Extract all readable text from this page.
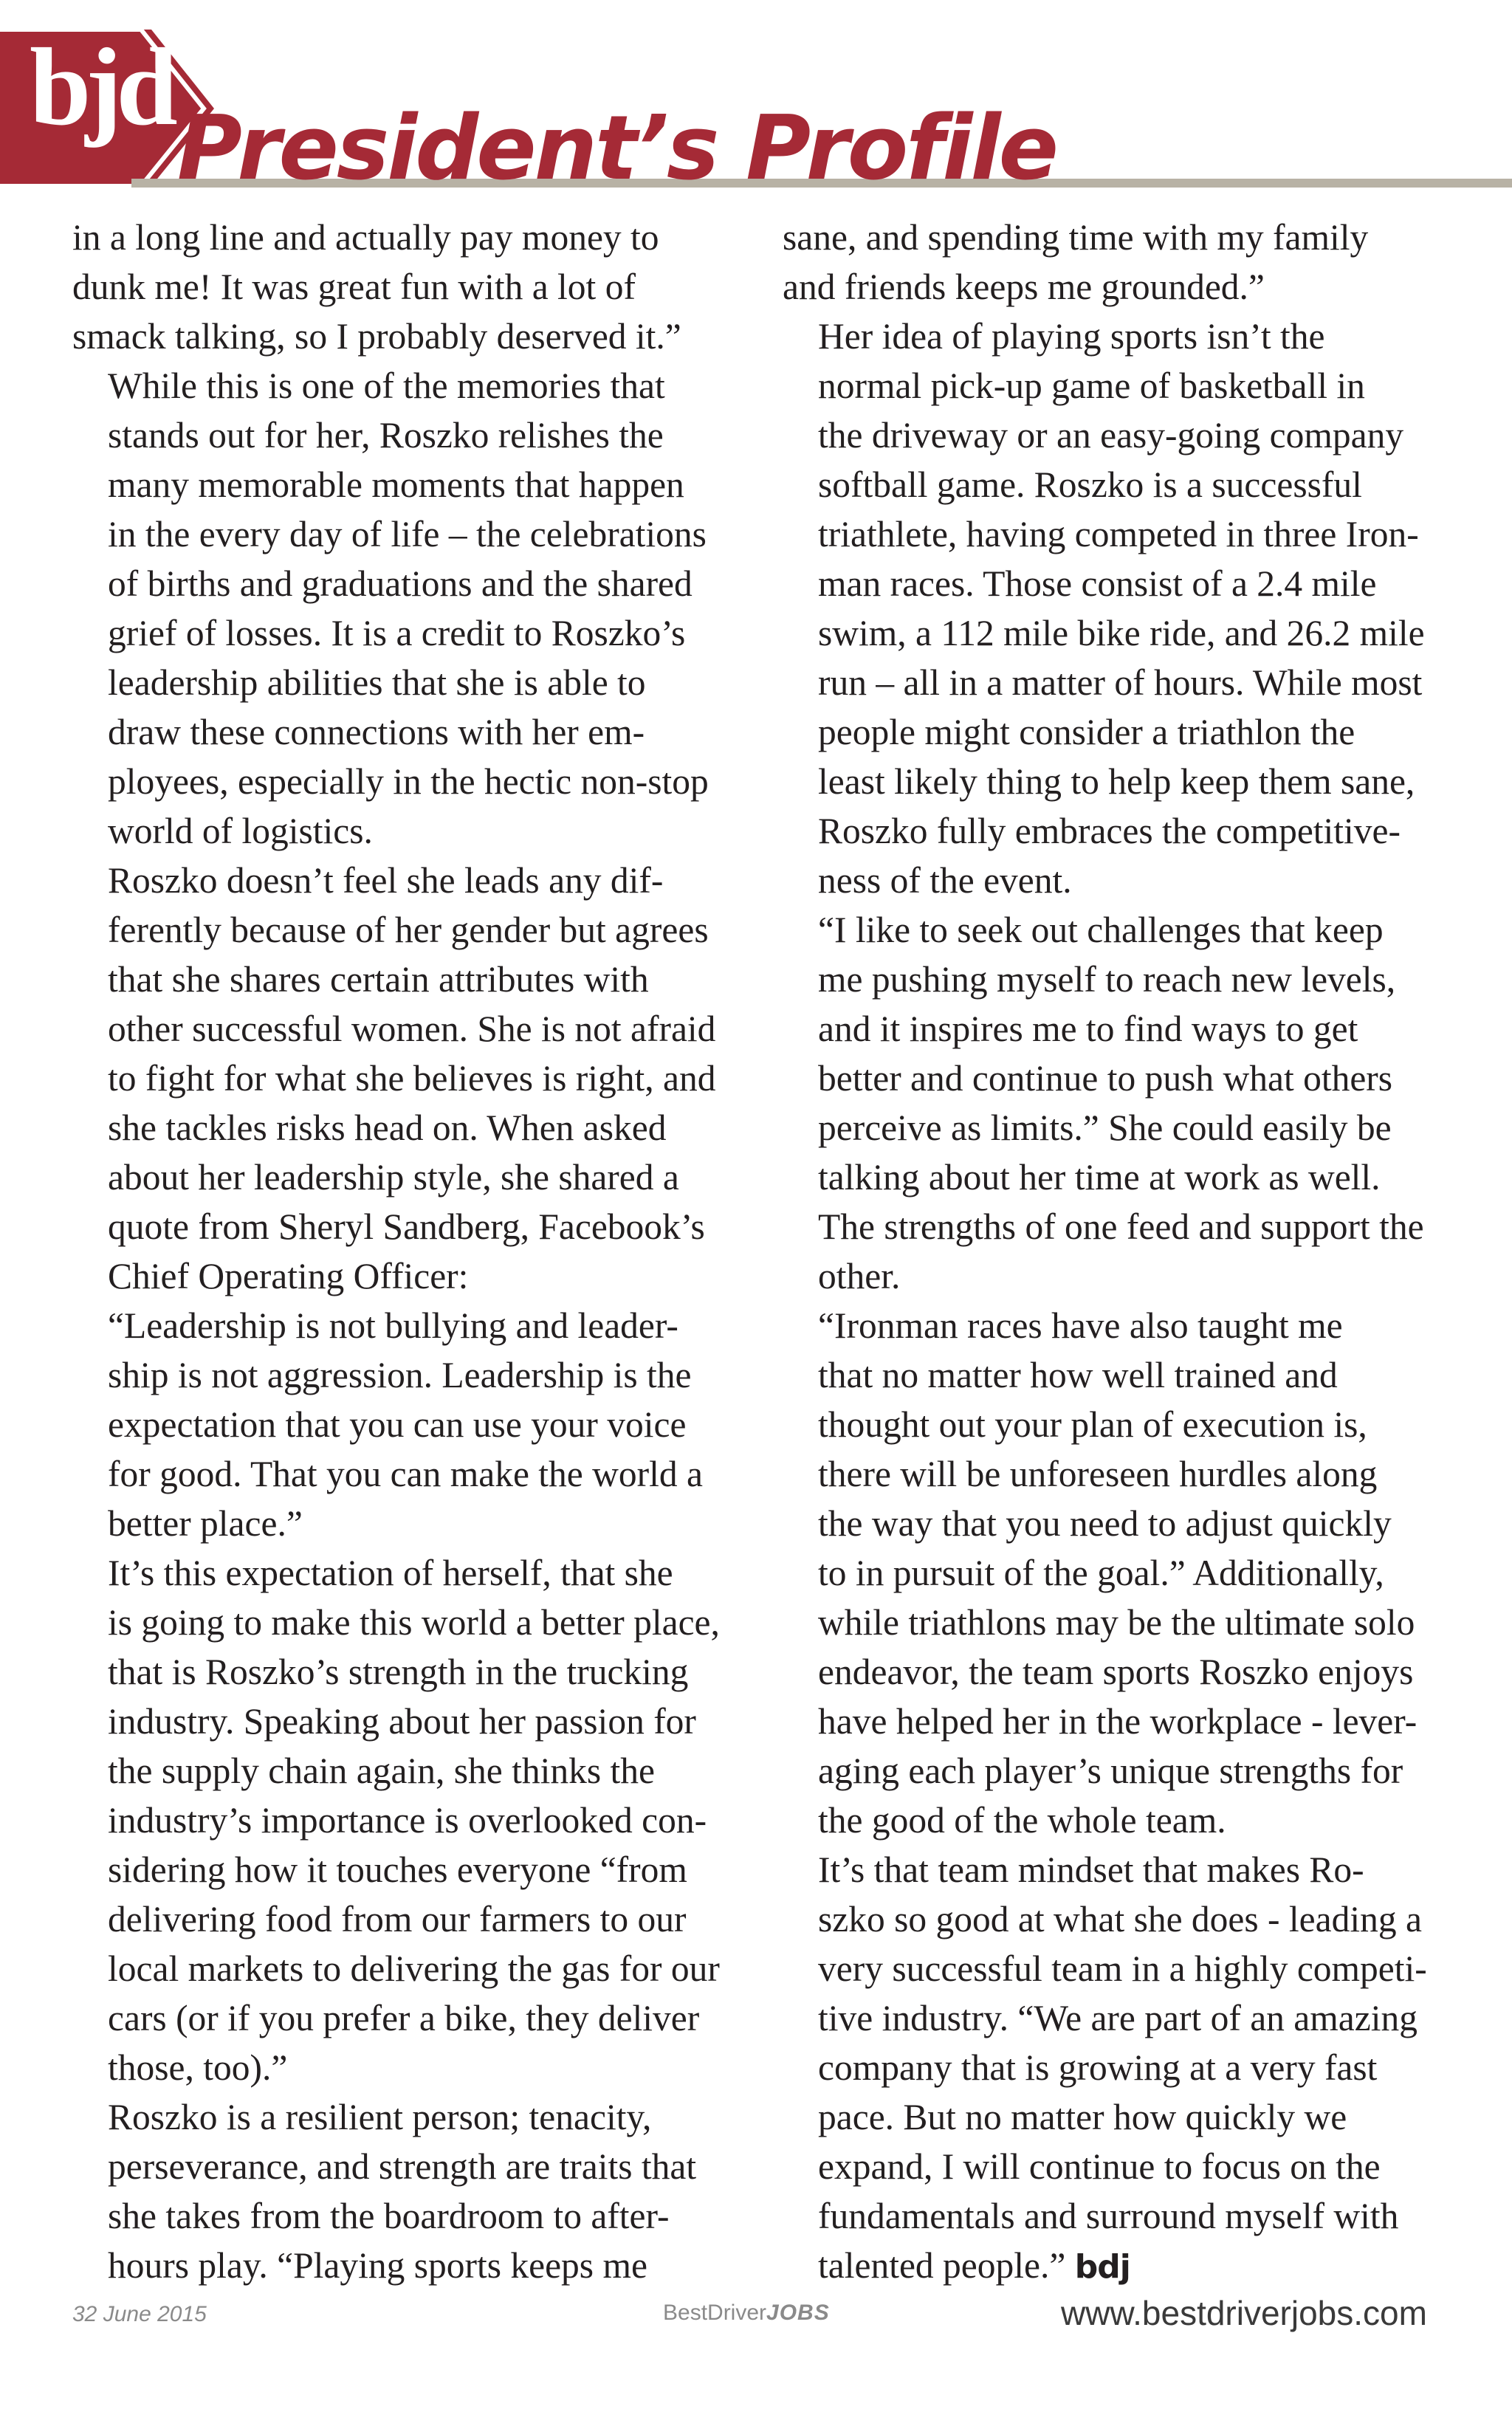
bjd
President’s Profile

in a long line and actually pay money to
dunk me! It was great fun with a lot of
smack talking, so I probably deserved it.”

While this is one of the memories that
stands out for her, Roszko relishes the
many memorable moments that happen
in the every day of life – the celebrations
of births and graduations and the shared
grief of losses. It is a credit to Roszko’s
leadership abilities that she is able to
draw these connections with her em-
ployees, especially in the hectic non-stop
world of logistics.

Roszko doesn’t feel she leads any dif-
ferently because of her gender but agrees
that she shares certain attributes with
other successful women. She is not afraid
to fight for what she believes is right, and
she tackles risks head on. When asked
about her leadership style, she shared a
quote from Sheryl Sandberg, Facebook’s
Chief Operating Officer:

“Leadership is not bullying and leader-
ship is not aggression. Leadership is the
expectation that you can use your voice
for good. That you can make the world a
better place.”

It’s this expectation of herself, that she
is going to make this world a better place,
that is Roszko’s strength in the trucking
industry. Speaking about her passion for
the supply chain again, she thinks the
industry’s importance is overlooked con-
sidering how it touches everyone “from
delivering food from our farmers to our
local markets to delivering the gas for our
cars (or if you prefer a bike, they deliver
those, too).”

Roszko is a resilient person; tenacity,
perseverance, and strength are traits that
she takes from the boardroom to after-
hours play. “Playing sports keeps me

sane, and spending time with my family
and friends keeps me grounded.”

Her idea of playing sports isn’t the
normal pick-up game of basketball in
the driveway or an easy-going company
softball game. Roszko is a successful
triathlete, having competed in three Iron-
man races. Those consist of a 2.4 mile
swim, a 112 mile bike ride, and 26.2 mile
run – all in a matter of hours. While most
people might consider a triathlon the
least likely thing to help keep them sane,
Roszko fully embraces the competitive-
ness of the event.

“I like to seek out challenges that keep
me pushing myself to reach new levels,
and it inspires me to find ways to get
better and continue to push what others
perceive as limits.” She could easily be
talking about her time at work as well.
The strengths of one feed and support the
other.

“Ironman races have also taught me
that no matter how well trained and
thought out your plan of execution is,
there will be unforeseen hurdles along
the way that you need to adjust quickly
to in pursuit of the goal.” Additionally,
while triathlons may be the ultimate solo
endeavor, the team sports Roszko enjoys
have helped her in the workplace - lever-
aging each player’s unique strengths for
the good of the whole team.

It’s that team mindset that makes Ro-
szko so good at what she does - leading a
very successful team in a highly competi-
tive industry. “We are part of an amazing
company that is growing at a very fast
pace. But no matter how quickly we
expand, I will continue to focus on the
fundamentals and surround myself with
talented people.” bdj

32 June 2015	BestDriverJOBS	www.bestdriverjobs.com
